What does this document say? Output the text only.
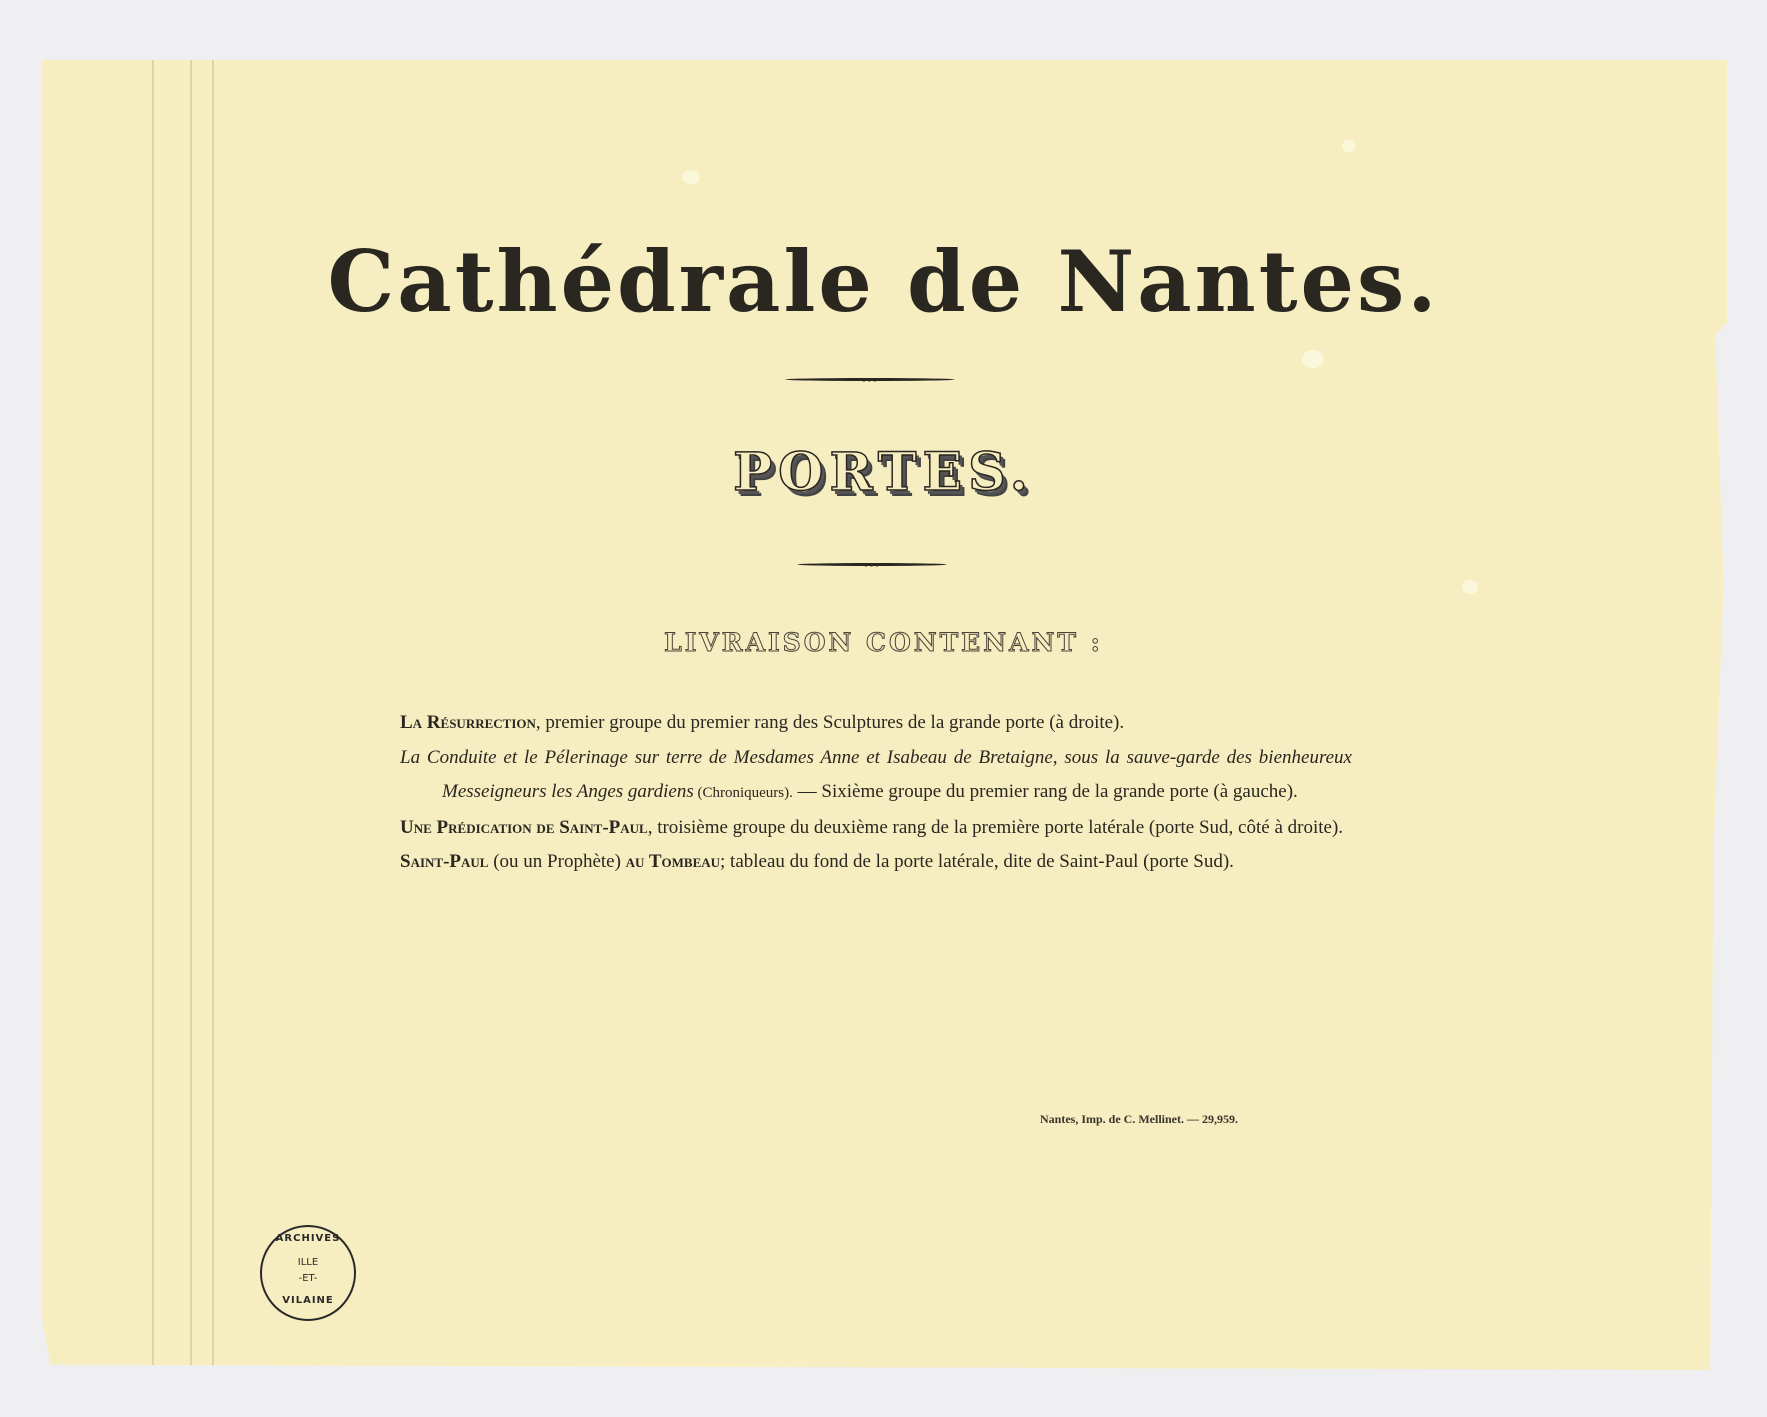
Cathédrale de Nantes.
◦◦◦
PORTES.
◦◦◦
LIVRAISON CONTENANT :
La Résurrection, premier groupe du premier rang des Sculptures de la grande porte (à droite).
La Conduite et le Pélerinage sur terre de Mesdames Anne et Isabeau de Bretaigne, sous la sauve-garde des bienheureux Messeigneurs les Anges gardiens (Chroniqueurs). — Sixième groupe du premier rang de la grande porte (à gauche).
Une Prédication de Saint-Paul, troisième groupe du deuxième rang de la première porte latérale (porte Sud, côté à droite).
Saint-Paul (ou un Prophète) au Tombeau; tableau du fond de la porte latérale, dite de Saint-Paul (porte Sud).
Nantes, Imp. de C. Mellinet. — 29,959.
ARCHIVES
ILLE
-ET-
VILAINE
